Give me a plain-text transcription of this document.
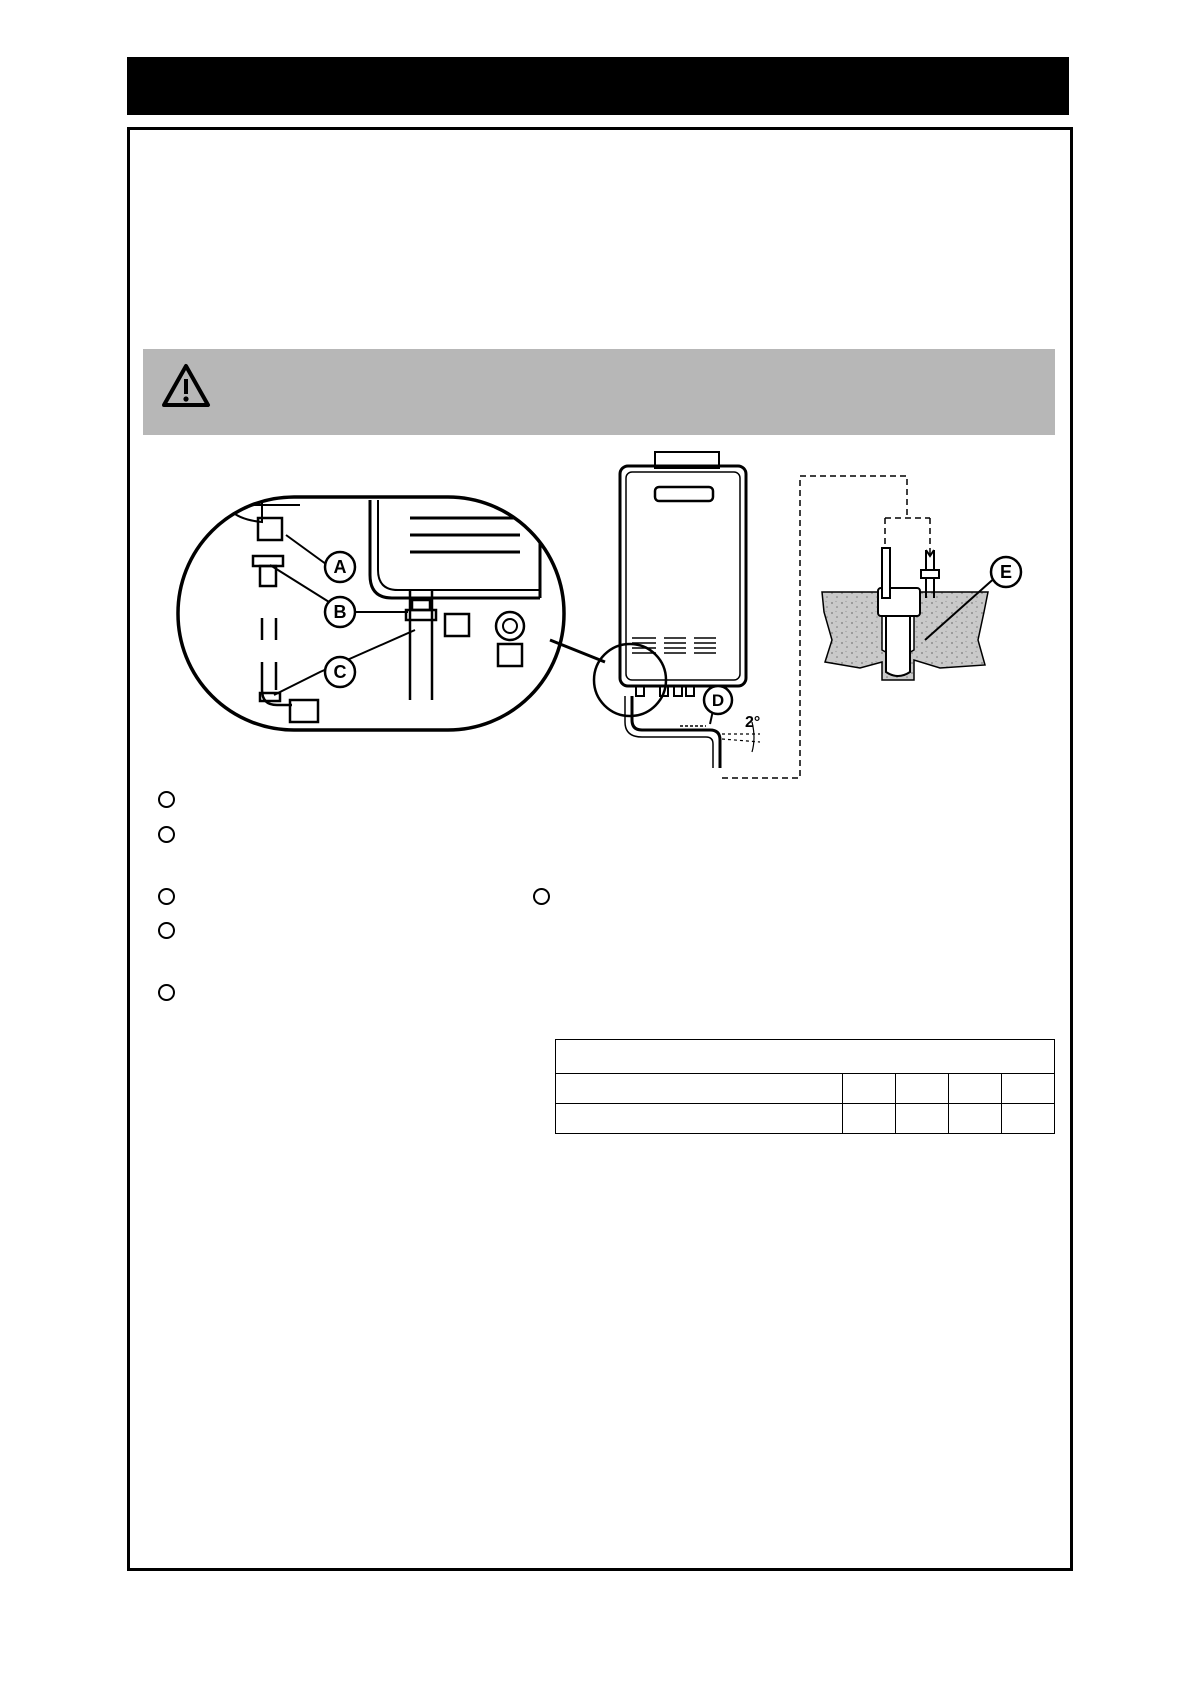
A
B
C
D
2°
E
